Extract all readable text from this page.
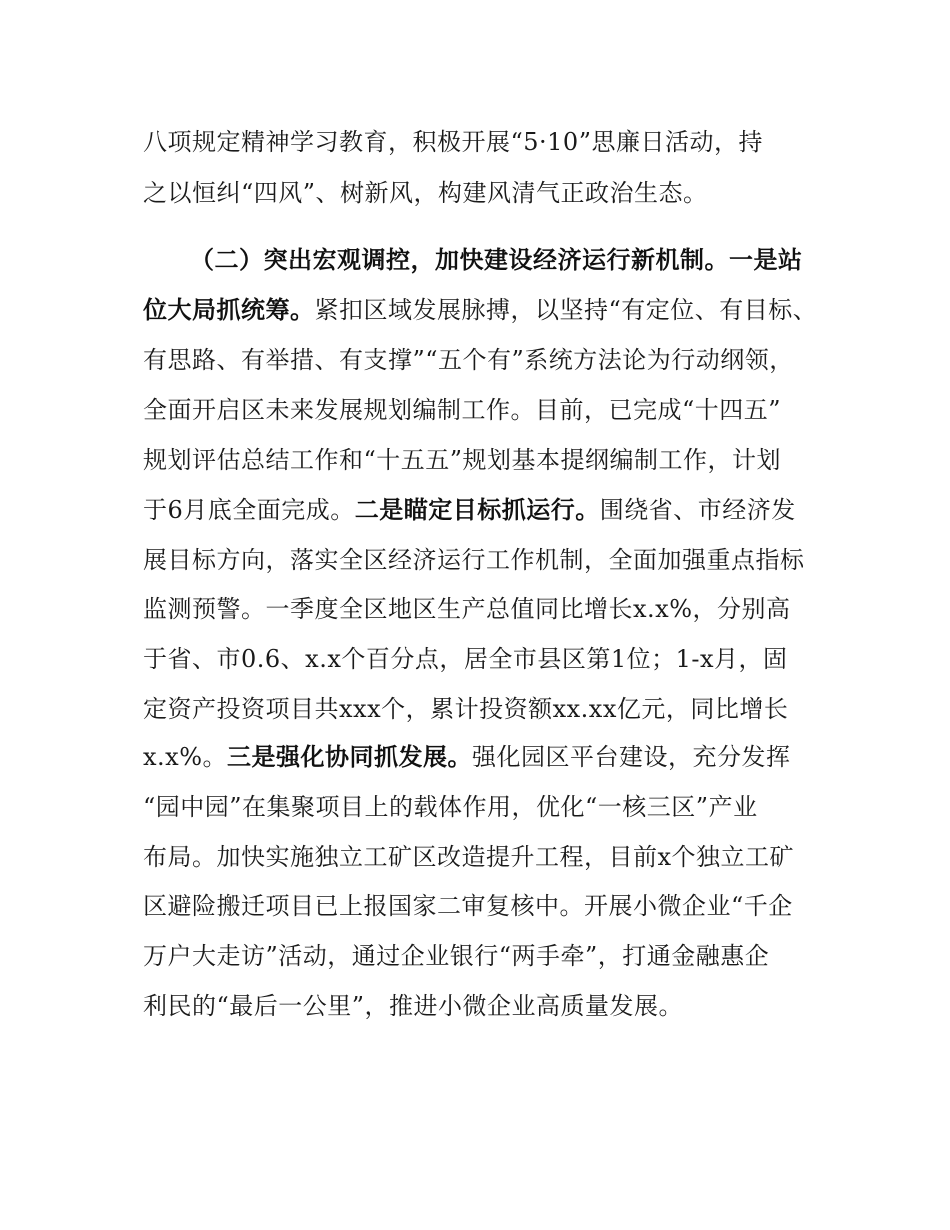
八项规定精神学习教育，积极开展“5·10”思廉日活动，持
之以恒纠“四风”、树新风，构建风清气正政治生态。
（二）突出宏观调控，加快建设经济运行新机制。一是站
位大局抓统筹。紧扣区域发展脉搏，以坚持“有定位、有目标、
有思路、有举措、有支撑”“五个有”系统方法论为行动纲领，
全面开启区未来发展规划编制工作。目前，已完成“十四五”
规划评估总结工作和“十五五”规划基本提纲编制工作，计划
于6月底全面完成。二是瞄定目标抓运行。围绕省、市经济发
展目标方向，落实全区经济运行工作机制，全面加强重点指标
监测预警。一季度全区地区生产总值同比增长x.x%，分别高
于省、市0.6、x.x个百分点，居全市县区第1位；1-x月，固
定资产投资项目共xxx个，累计投资额xx.xx亿元，同比增长
x.x%。三是强化协同抓发展。强化园区平台建设，充分发挥
“园中园”在集聚项目上的载体作用，优化“一核三区”产业
布局。加快实施独立工矿区改造提升工程，目前x个独立工矿
区避险搬迁项目已上报国家二审复核中。开展小微企业“千企
万户大走访”活动，通过企业银行“两手牵”，打通金融惠企
利民的“最后一公里”，推进小微企业高质量发展。
